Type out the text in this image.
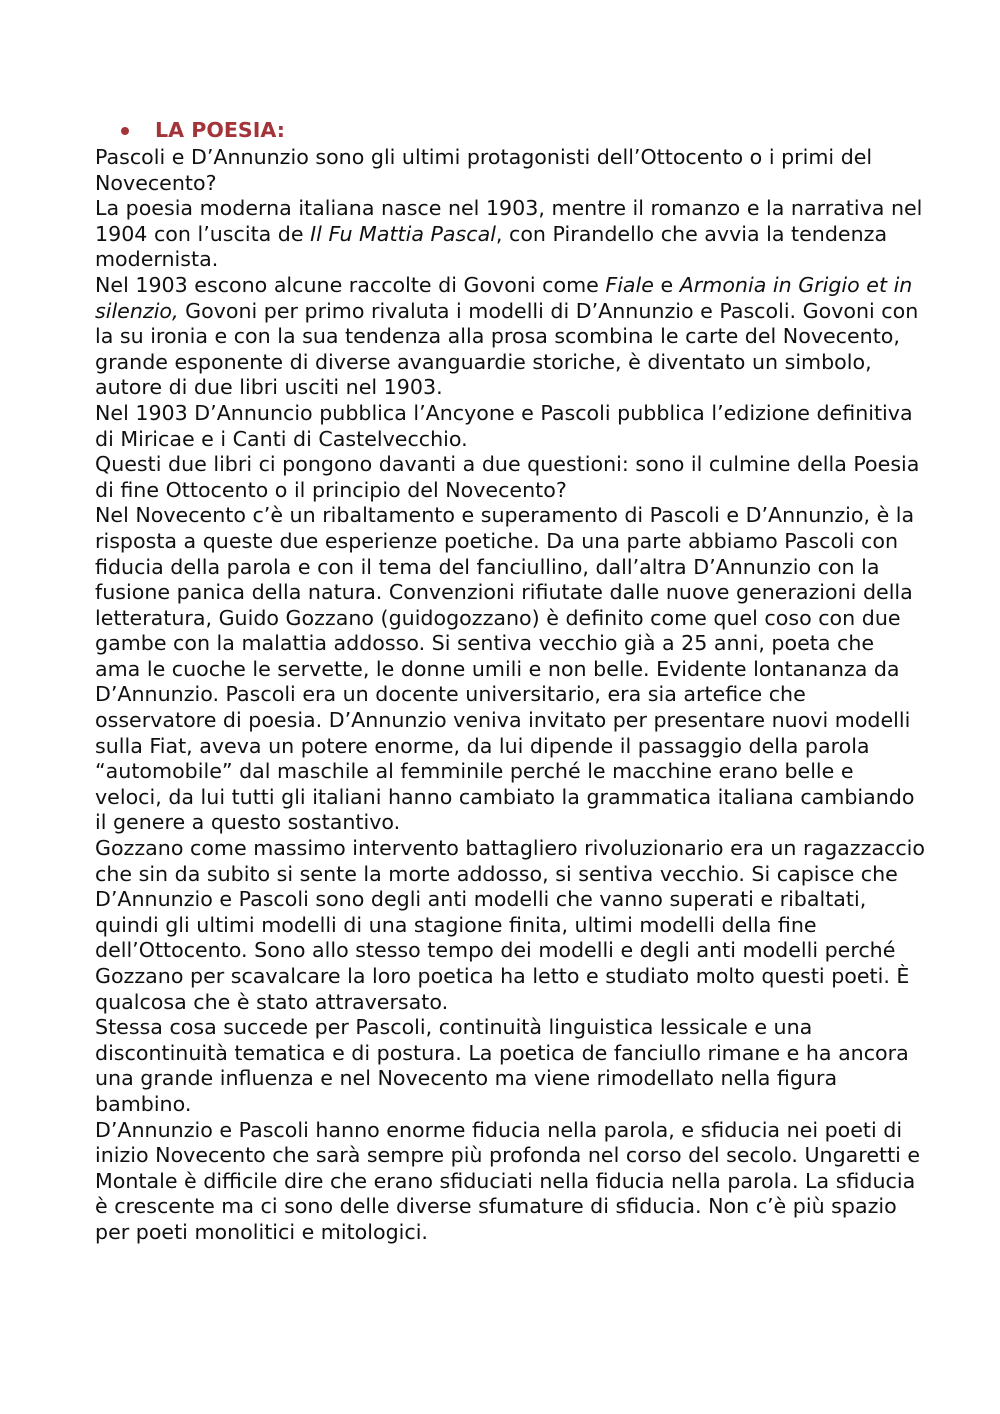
LA POESIA:

Pascoli e D’Annunzio sono gli ultimi protagonisti dell’Ottocento o i primi del Novecento?

La poesia moderna italiana nasce nel 1903, mentre il romanzo e la narrativa nel 1904 con l’uscita de Il Fu Mattia Pascal, con Pirandello che avvia la tendenza modernista.

Nel 1903 escono alcune raccolte di Govoni come Fiale e Armonia in Grigio et in silenzio, Govoni per primo rivaluta i modelli di D’Annunzio e Pascoli. Govoni con la su ironia e con la sua tendenza alla prosa scombina le carte del Novecento, grande esponente di diverse avanguardie storiche, è diventato un simbolo, autore di due libri usciti nel 1903.

Nel 1903 D’Annuncio pubblica l’Ancyone e Pascoli pubblica l’edizione definitiva di Miricae e i Canti di Castelvecchio.

Questi due libri ci pongono davanti a due questioni: sono il culmine della Poesia di fine Ottocento o il principio del Novecento?

Nel Novecento c’è un ribaltamento e superamento di Pascoli e D’Annunzio, è la risposta a queste due esperienze poetiche. Da una parte abbiamo Pascoli con fiducia della parola e con il tema del fanciullino, dall’altra D’Annunzio con la fusione panica della natura. Convenzioni rifiutate dalle nuove generazioni della letteratura, Guido Gozzano (guidogozzano) è definito come quel coso con due gambe con la malattia addosso. Si sentiva vecchio già a 25 anni, poeta che ama le cuoche le servette, le donne umili e non belle. Evidente lontananza da D’Annunzio. Pascoli era un docente universitario, era sia artefice che osservatore di poesia. D’Annunzio veniva invitato per presentare nuovi modelli sulla Fiat, aveva un potere enorme, da lui dipende il passaggio della parola “automobile” dal maschile al femminile perché le macchine erano belle e veloci, da lui tutti gli italiani hanno cambiato la grammatica italiana cambiando il genere a questo sostantivo.

Gozzano come massimo intervento battagliero rivoluzionario era un ragazzaccio che sin da subito si sente la morte addosso, si sentiva vecchio. Si capisce che D’Annunzio e Pascoli sono degli anti modelli che vanno superati e ribaltati, quindi gli ultimi modelli di una stagione finita, ultimi modelli della fine dell’Ottocento. Sono allo stesso tempo dei modelli e degli anti modelli perché Gozzano per scavalcare la loro poetica ha letto e studiato molto questi poeti. È qualcosa che è stato attraversato.

Stessa cosa succede per Pascoli, continuità linguistica lessicale e una discontinuità tematica e di postura. La poetica de fanciullo rimane e ha ancora una grande influenza e nel Novecento ma viene rimodellato nella figura bambino.

D’Annunzio e Pascoli hanno enorme fiducia nella parola, e sfiducia nei poeti di inizio Novecento che sarà sempre più profonda nel corso del secolo. Ungaretti e Montale è difficile dire che erano sfiduciati nella fiducia nella parola. La sfiducia è crescente ma ci sono delle diverse sfumature di sfiducia. Non c’è più spazio per poeti monolitici e mitologici.
